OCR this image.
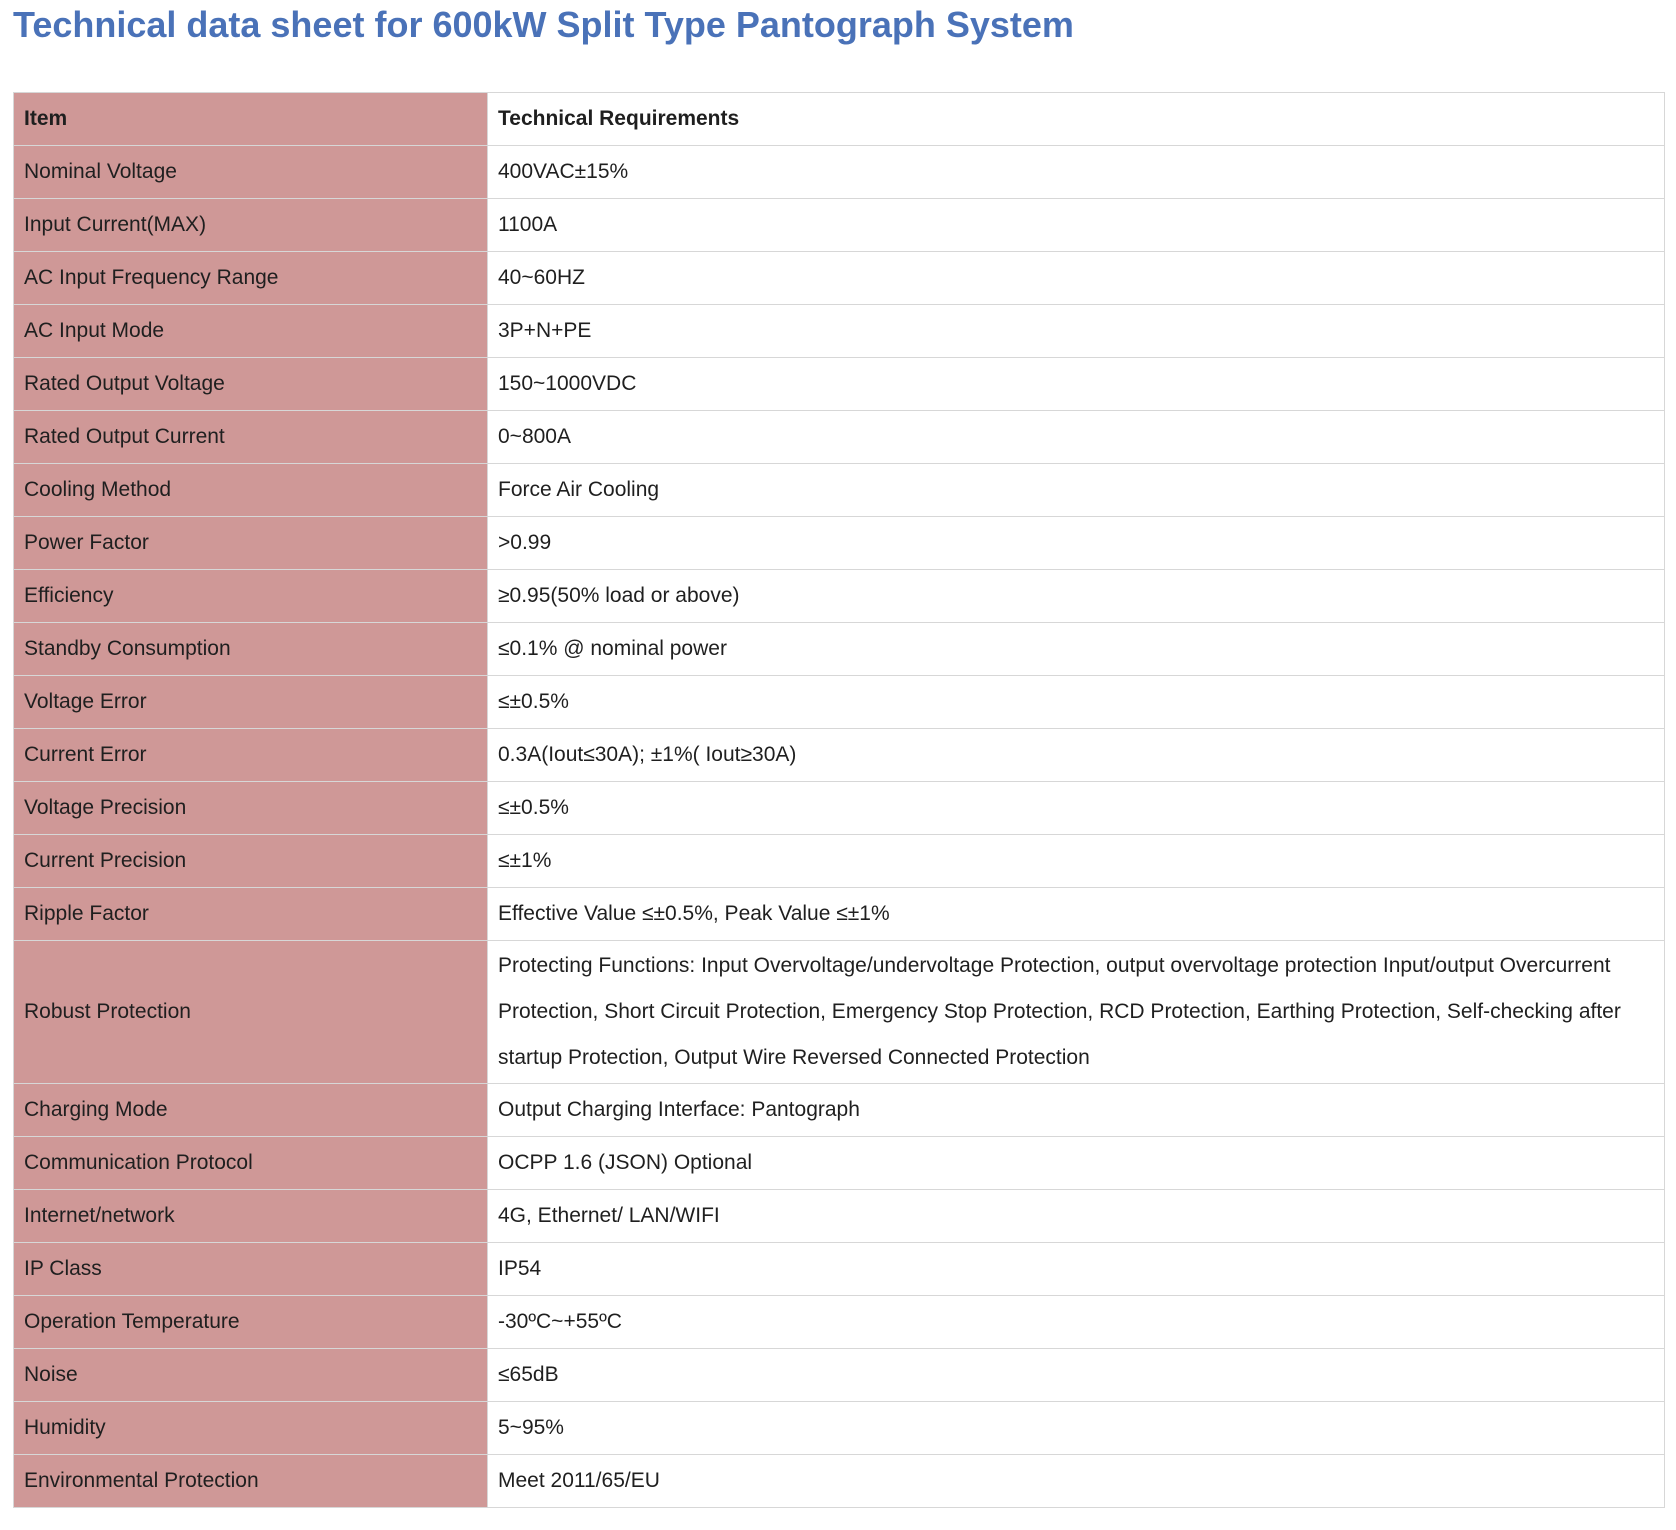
Technical data sheet for 600kW Split Type Pantograph System
Item	Technical Requirements
Nominal Voltage	400VAC±15%
Input Current(MAX)	1100A
AC Input Frequency Range	40~60HZ
AC Input Mode	3P+N+PE
Rated Output Voltage	150~1000VDC
Rated Output Current	0~800A
Cooling Method	Force Air Cooling
Power Factor	>0.99
Efficiency	≥0.95(50% load or above)
Standby Consumption	≤0.1% @ nominal power
Voltage Error	≤±0.5%
Current Error	0.3A(Iout≤30A); ±1%( Iout≥30A)
Voltage Precision	≤±0.5%
Current Precision	≤±1%
Ripple Factor	Effective Value ≤±0.5%, Peak Value ≤±1%
Robust Protection	Protecting Functions: Input Overvoltage/undervoltage Protection, output overvoltage protection Input/output Overcurrent Protection, Short Circuit Protection, Emergency Stop Protection, RCD Protection, Earthing Protection, Self-checking after startup Protection, Output Wire Reversed Connected Protection
Charging Mode	Output Charging Interface: Pantograph
Communication Protocol	OCPP 1.6 (JSON) Optional
Internet/network	4G, Ethernet/ LAN/WIFI
IP Class	IP54
Operation Temperature	-30ºC~+55ºC
Noise	≤65dB
Humidity	5~95%
Environmental Protection	Meet 2011/65/EU
